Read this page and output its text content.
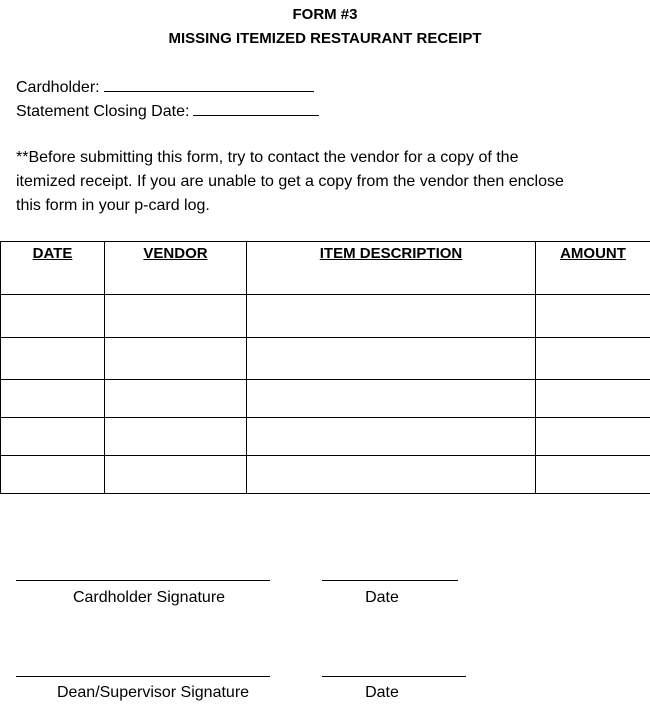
FORM #3
MISSING ITEMIZED RESTAURANT RECEIPT
Cardholder:
Statement Closing Date:
**Before submitting this form, try to contact the vendor for a copy of the
itemized receipt. If you are unable to get a copy from the vendor then enclose
this form in your p-card log.
DATE	VENDOR	ITEM DESCRIPTION	AMOUNT

Cardholder Signature	Date
Dean/Supervisor Signature	Date
